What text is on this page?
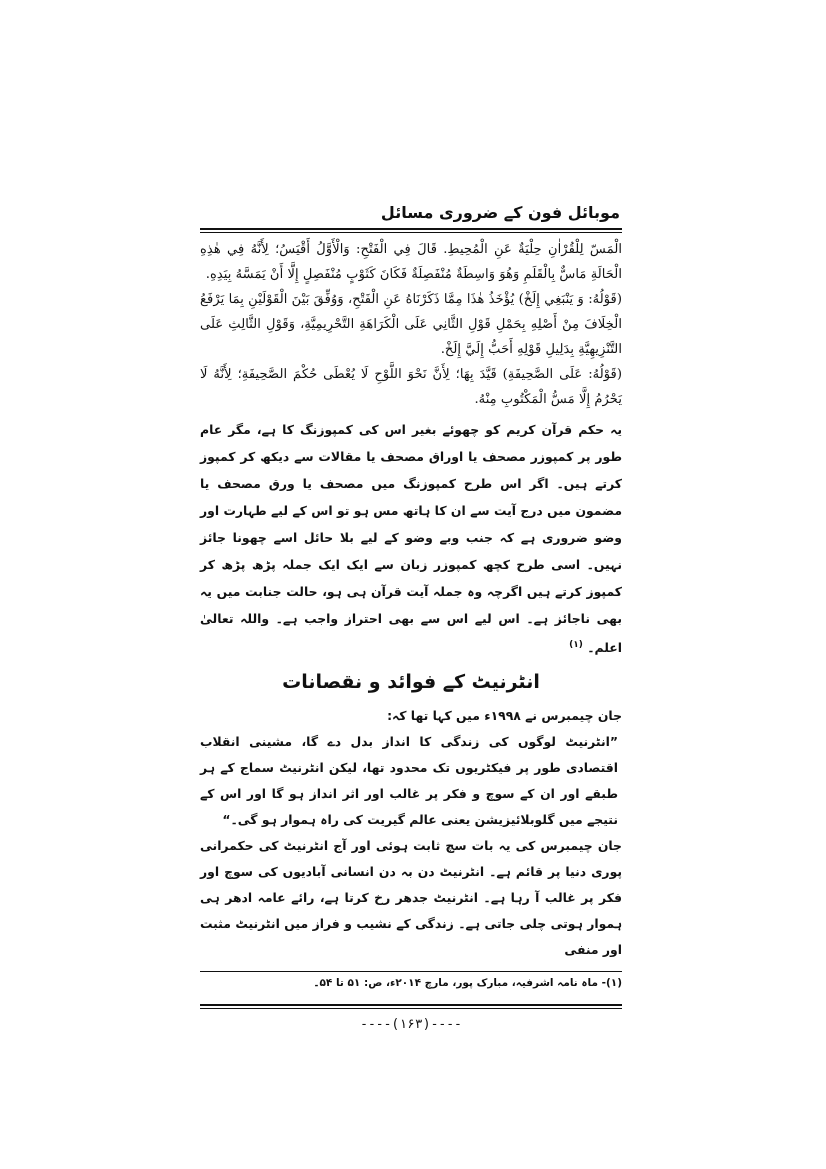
موبائل فون کے ضروری مسائل

الْمَسّ لِلْقُرْاٰنِ حِلْيَةٌ عَنِ الْمُحِيطِ. قَالَ فِي الْفَتْحِ: وَالْأَوَّلُ أَقْيَسُ؛ لِأَنَّهُ فِي هٰذِهِ الْحَالَةِ مَاسٌّ بِالْقَلَمِ وَهُوَ وَاسِطَةٌ مُنْفَصِلَةٌ فَكَانَ كَثَوْبٍ مُنْفَصِلٍ إِلَّا أَنْ يَمَسَّهُ بِيَدِهِ.

(قَوْلُهُ: وَ يَنْبَغِي إِلَخْ) يُؤْخَذُ هٰذَا مِمَّا ذَكَرْنَاهُ عَنِ الْفَتْحِ، وَوُفِّقَ بَيْنَ الْقَوْلَيْنِ بِمَا يَرْفَعُ الْخِلَافَ مِنْ أَصْلِهِ بِحَمْلِ قَوْلِ الثَّانِي عَلَى الْكَرَاهَةِ التَّحْرِيمِيَّةِ، وَقَوْلِ الثَّالِثِ عَلَى التَّنْزِيهِيَّةِ بِدَلِيلِ قَوْلِهِ أَحَبُّ إِلَيَّ إِلَخْ.

(قَوْلُهُ: عَلَى الصَّحِيفَةِ) قَيَّدَ بِهَا؛ لِأَنَّ نَحْوَ اللَّوْحِ لَا يُعْطَى حُكْمَ الصَّحِيفَةِ؛ لِأَنَّهُ لَا يَحْرُمُ إِلَّا مَسُّ الْمَكْتُوبِ مِنْهُ.

یہ حکم قرآن کریم کو چھوئے بغیر اس کی کمپوزنگ کا ہے، مگر عام طور پر کمپوزر مصحف یا اوراق مصحف یا مقالات سے دیکھ کر کمپوز کرتے ہیں۔ اگر اس طرح کمپوزنگ میں مصحف یا ورق مصحف یا مضمون میں درج آیت سے ان کا ہاتھ مس ہو تو اس کے لیے طہارت اور وضو ضروری ہے کہ جنب وبے وضو کے لیے بلا حائل اسے چھونا جائز نہیں۔ اسی طرح کچھ کمپوزر زبان سے ایک ایک جملہ پڑھ پڑھ کر کمپوز کرتے ہیں اگرچہ وہ جملہ آیت قرآن ہی ہو، حالت جنابت میں یہ بھی ناجائز ہے۔ اس لیے اس سے بھی احتراز واجب ہے۔ واللہ تعالیٰ اعلم۔ $^{(۱)}$

انٹرنیٹ کے فوائد و نقصانات

جان چیمبرس نے ۱۹۹۸ء میں کہا تھا کہ:

”انٹرنیٹ لوگوں کی زندگی کا انداز بدل دے گا، مشینی انقلاب اقتصادی طور پر فیکٹریوں تک محدود تھا، لیکن انٹرنیٹ سماج کے ہر طبقے اور ان کے سوچ و فکر پر غالب اور اثر انداز ہو گا اور اس کے نتیجے میں گلوبلائیزیشن یعنی عالم گیریت کی راہ ہموار ہو گی۔“

جان چیمبرس کی یہ بات سچ ثابت ہوئی اور آج انٹرنیٹ کی حکمرانی پوری دنیا پر قائم ہے۔ انٹرنیٹ دن بہ دن انسانی آبادیوں کی سوچ اور فکر پر غالب آ رہا ہے۔ انٹرنیٹ جدھر رخ کرتا ہے، رائے عامہ ادھر ہی ہموار ہوتی چلی جاتی ہے۔ زندگی کے نشیب و فراز میں انٹرنیٹ مثبت اور منفی

(۱)- ماہ نامہ اشرفیہ، مبارک پور، مارچ ۲۰۱۴ء، ص: ۵۱ تا ۵۴۔
----(۱۶۳)----
